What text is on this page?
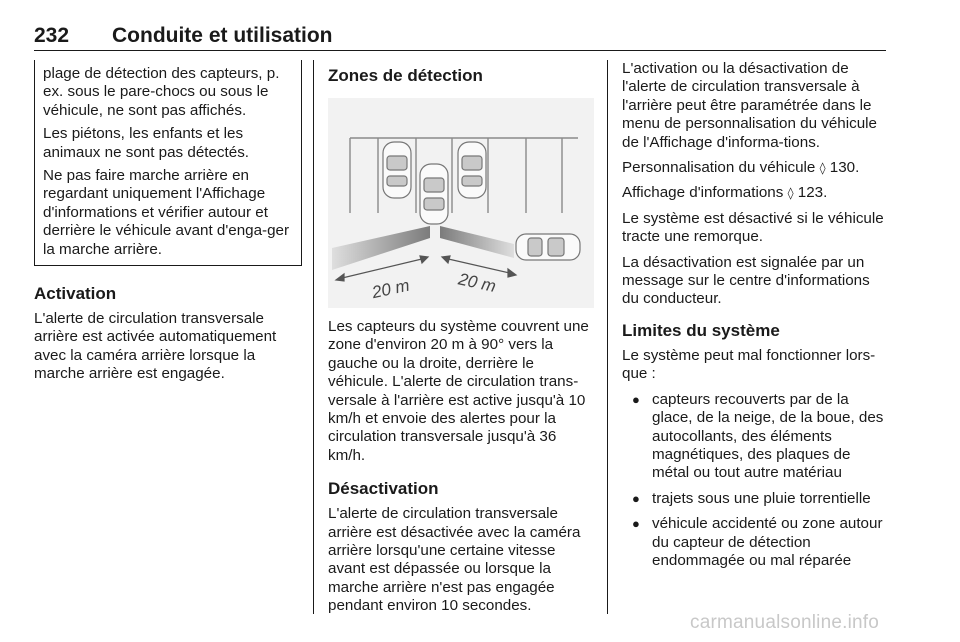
232 Conduite et utilisation

plage de détection des capteurs, p. ex. sous le pare-chocs ou sous le véhicule, ne sont pas affichés.

Les piétons, les enfants et les animaux ne sont pas détectés.

Ne pas faire marche arrière en regardant uniquement l'Affichage d'informations et vérifier autour et derrière le véhicule avant d'enga-ger la marche arrière.

Activation

L'alerte de circulation transversale arrière est activée automatiquement avec la caméra arrière lorsque la marche arrière est engagée.

Zones de détection
20 m	20 m

Les capteurs du système couvrent une zone d'environ 20 m à 90° vers la gauche ou la droite, derrière le véhicule. L'alerte de circulation trans-versale à l'arrière est active jusqu'à 10 km/h et envoie des alertes pour la circulation transversale jusqu'à 36 km/h.

Désactivation

L'alerte de circulation transversale arrière est désactivée avec la caméra arrière lorsqu'une certaine vitesse avant est dépassée ou lorsque la marche arrière n'est pas engagée pendant environ 10 secondes.

L'activation ou la désactivation de l'alerte de circulation transversale à l'arrière peut être paramétrée dans le menu de personnalisation du véhicule de l'Affichage d'informa-tions.

Personnalisation du véhicule ◊ 130.

Affichage d'informations ◊ 123.

Le système est désactivé si le véhicule tracte une remorque.

La désactivation est signalée par un message sur le centre d'informations du conducteur.

Limites du système

Le système peut mal fonctionner lors-que :

● capteurs recouverts par de la glace, de la neige, de la boue, des autocollants, des éléments magnétiques, des plaques de métal ou tout autre matériau
● trajets sous une pluie torrentielle
● véhicule accidenté ou zone autour du capteur de détection endommagée ou mal réparée
carmanualsonline.info
